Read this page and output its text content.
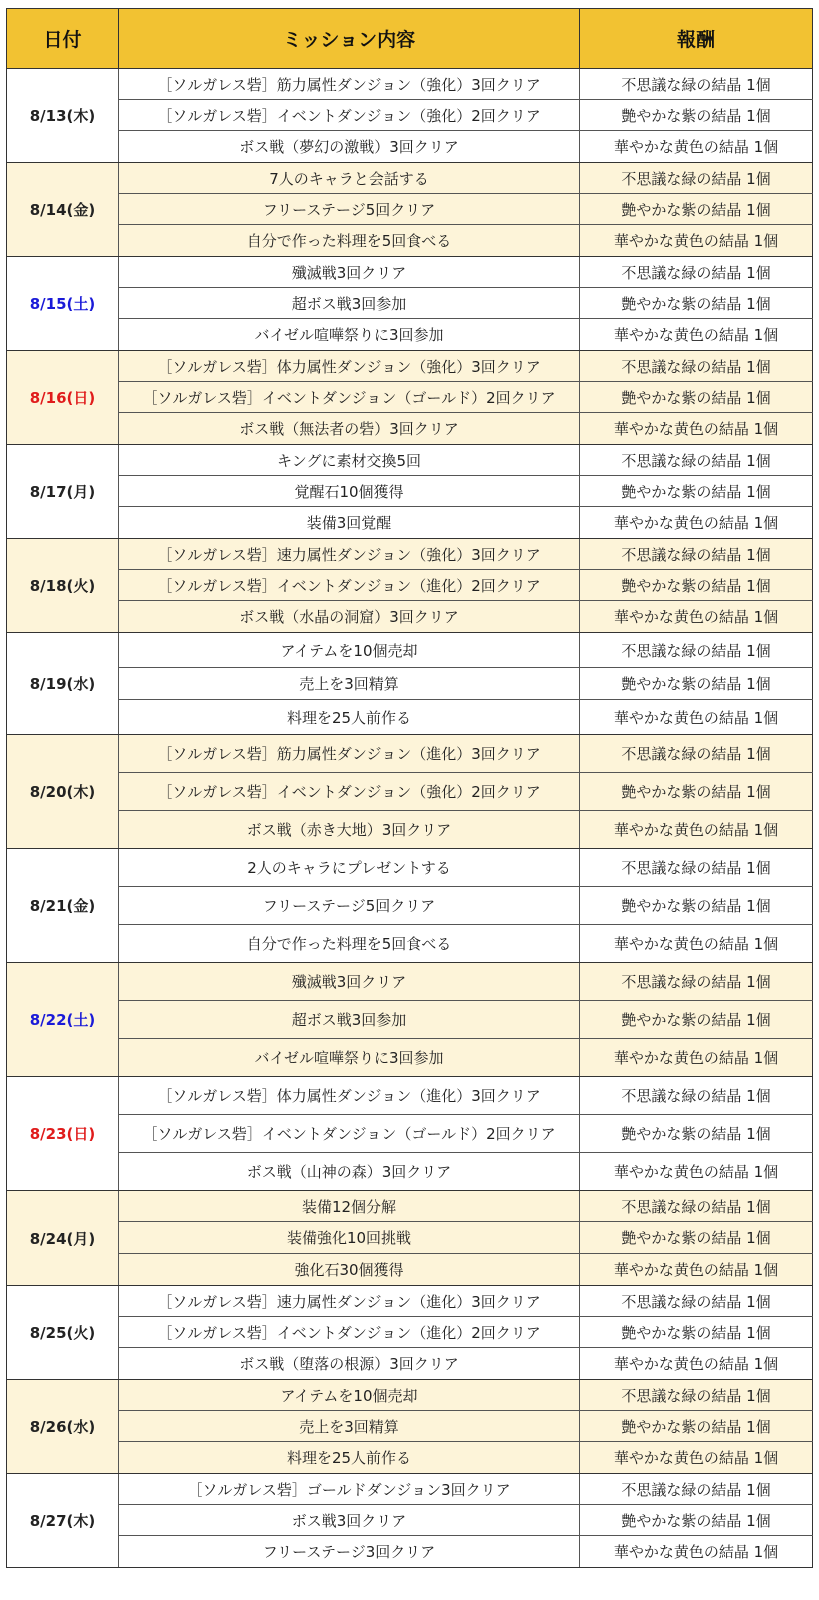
日付	ミッション内容	報酬
8/13(木)	［ソルガレス砦］筋力属性ダンジョン（強化）3回クリア	不思議な緑の結晶 1個
	［ソルガレス砦］イベントダンジョン（強化）2回クリア	艶やかな紫の結晶 1個
	ボス戦（夢幻の激戦）3回クリア	華やかな黄色の結晶 1個
8/14(金)	7人のキャラと会話する	不思議な緑の結晶 1個
	フリーステージ5回クリア	艶やかな紫の結晶 1個
	自分で作った料理を5回食べる	華やかな黄色の結晶 1個
8/15(土)	殲滅戦3回クリア	不思議な緑の結晶 1個
	超ボス戦3回参加	艶やかな紫の結晶 1個
	バイゼル喧嘩祭りに3回参加	華やかな黄色の結晶 1個
8/16(日)	［ソルガレス砦］体力属性ダンジョン（強化）3回クリア	不思議な緑の結晶 1個
	［ソルガレス砦］イベントダンジョン（ゴールド）2回クリア	艶やかな紫の結晶 1個
	ボス戦（無法者の砦）3回クリア	華やかな黄色の結晶 1個
8/17(月)	キングに素材交換5回	不思議な緑の結晶 1個
	覚醒石10個獲得	艶やかな紫の結晶 1個
	装備3回覚醒	華やかな黄色の結晶 1個
8/18(火)	［ソルガレス砦］速力属性ダンジョン（強化）3回クリア	不思議な緑の結晶 1個
	［ソルガレス砦］イベントダンジョン（進化）2回クリア	艶やかな紫の結晶 1個
	ボス戦（水晶の洞窟）3回クリア	華やかな黄色の結晶 1個
8/19(水)	アイテムを10個売却	不思議な緑の結晶 1個
	売上を3回精算	艶やかな紫の結晶 1個
	料理を25人前作る	華やかな黄色の結晶 1個
8/20(木)	［ソルガレス砦］筋力属性ダンジョン（進化）3回クリア	不思議な緑の結晶 1個
	［ソルガレス砦］イベントダンジョン（強化）2回クリア	艶やかな紫の結晶 1個
	ボス戦（赤き大地）3回クリア	華やかな黄色の結晶 1個
8/21(金)	2人のキャラにプレゼントする	不思議な緑の結晶 1個
	フリーステージ5回クリア	艶やかな紫の結晶 1個
	自分で作った料理を5回食べる	華やかな黄色の結晶 1個
8/22(土)	殲滅戦3回クリア	不思議な緑の結晶 1個
	超ボス戦3回参加	艶やかな紫の結晶 1個
	バイゼル喧嘩祭りに3回参加	華やかな黄色の結晶 1個
8/23(日)	［ソルガレス砦］体力属性ダンジョン（進化）3回クリア	不思議な緑の結晶 1個
	［ソルガレス砦］イベントダンジョン（ゴールド）2回クリア	艶やかな紫の結晶 1個
	ボス戦（山神の森）3回クリア	華やかな黄色の結晶 1個
8/24(月)	装備12個分解	不思議な緑の結晶 1個
	装備強化10回挑戦	艶やかな紫の結晶 1個
	強化石30個獲得	華やかな黄色の結晶 1個
8/25(火)	［ソルガレス砦］速力属性ダンジョン（進化）3回クリア	不思議な緑の結晶 1個
	［ソルガレス砦］イベントダンジョン（進化）2回クリア	艶やかな紫の結晶 1個
	ボス戦（堕落の根源）3回クリア	華やかな黄色の結晶 1個
8/26(水)	アイテムを10個売却	不思議な緑の結晶 1個
	売上を3回精算	艶やかな紫の結晶 1個
	料理を25人前作る	華やかな黄色の結晶 1個
8/27(木)	［ソルガレス砦］ゴールドダンジョン3回クリア	不思議な緑の結晶 1個
	ボス戦3回クリア	艶やかな紫の結晶 1個
	フリーステージ3回クリア	華やかな黄色の結晶 1個
